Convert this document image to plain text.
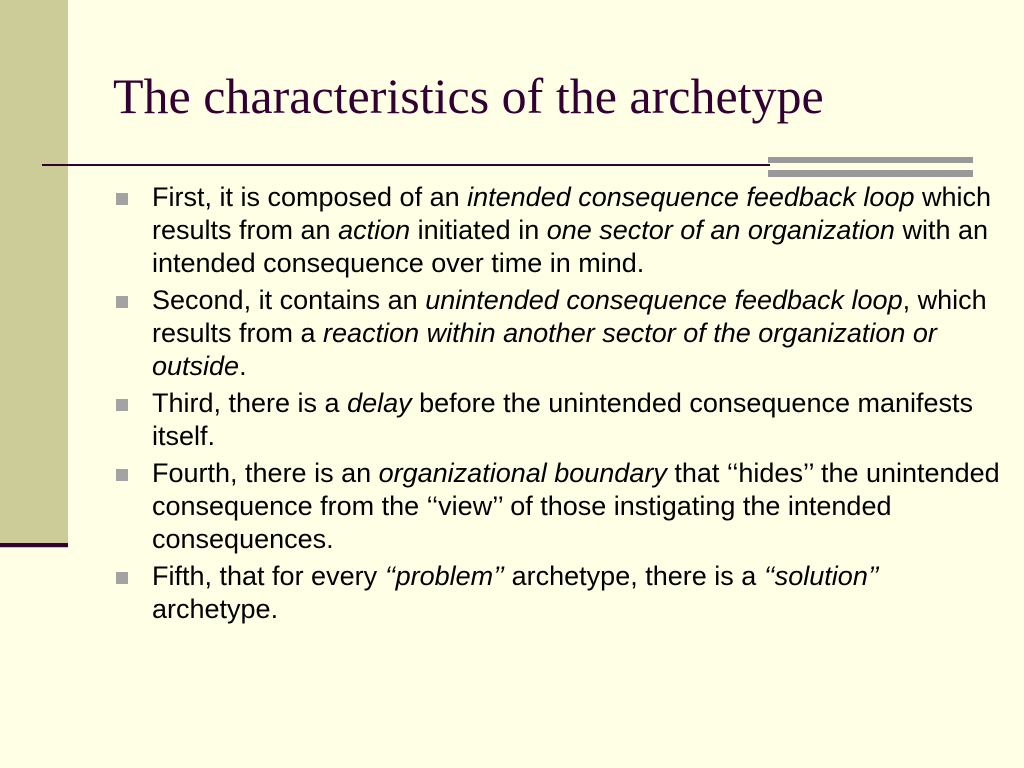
The characteristics of the archetype
First, it is composed of an intended consequence feedback loop which results from an action initiated in one sector of an organization with an intended consequence over time in mind.
Second, it contains an unintended consequence feedback loop, which results from a reaction within another sector of the organization or outside.
Third, there is a delay before the unintended consequence manifests itself.
Fourth, there is an organizational boundary that ‘‘hides’’ the unintended consequence from the ‘‘view’’ of those instigating the intended consequences.
Fifth, that for every ‘‘problem’’ archetype, there is a ‘‘solution’’ archetype.
